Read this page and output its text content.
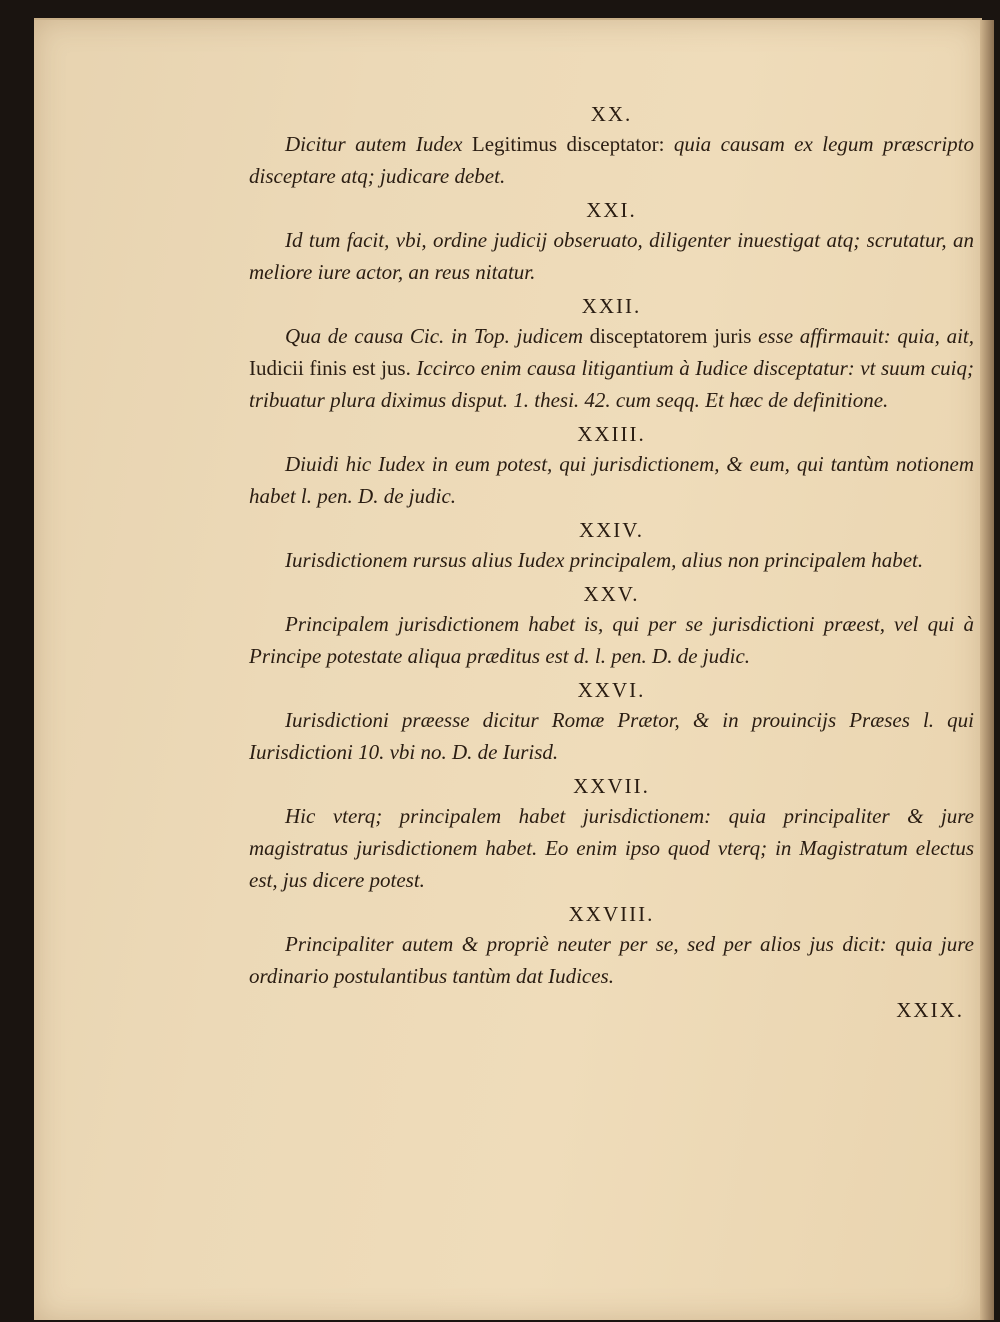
XX.

Dicitur autem Iudex Legitimus disceptator: quia causam ex legum præscripto disceptare atq; judicare debet.

XXI.

Id tum facit, vbi, ordine judicij obseruato, diligenter inuestigat atq; scrutatur, an meliore iure actor, an reus nitatur.

XXII.

Qua de causa Cic. in Top. judicem disceptatorem juris esse affirmauit: quia, ait, Iudicii finis est jus. Iccirco enim causa litigantium à Iudice disceptatur: vt suum cuiq; tribuatur plura diximus disput. 1. thesi. 42. cum seqq. Et hæc de definitione.

XXIII.

Diuidi hic Iudex in eum potest, qui jurisdictionem, & eum, qui tantùm notionem habet l. pen. D. de judic.

XXIV.

Iurisdictionem rursus alius Iudex principalem, alius non principalem habet.

XXV.

Principalem jurisdictionem habet is, qui per se jurisdictioni præest, vel qui à Principe potestate aliqua præditus est d. l. pen. D. de judic.

XXVI.

Iurisdictioni præesse dicitur Romæ Prætor, & in prouincijs Præses l. qui Iurisdictioni 10. vbi no. D. de Iurisd.

XXVII.

Hic vterq; principalem habet jurisdictionem: quia principaliter & jure magistratus jurisdictionem habet. Eo enim ipso quod vterq; in Magistratum electus est, jus dicere potest.

XXVIII.

Principaliter autem & propriè neuter per se, sed per alios jus dicit: quia jure ordinario postulantibus tantùm dat Iudices.

XXIX.
